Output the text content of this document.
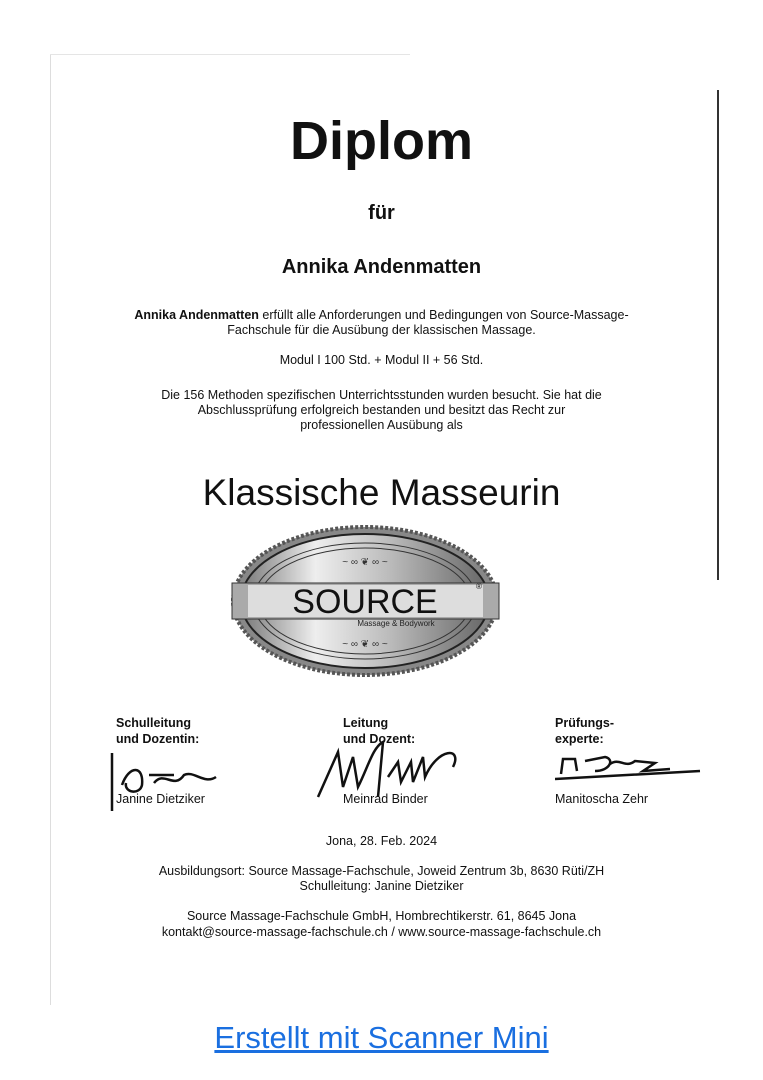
Diplom
für
Annika Andenmatten
Annika Andenmatten erfüllt alle Anforderungen und Bedingungen von Source-Massage-
Fachschule für die Ausübung der klassischen Massage.
Modul I 100 Std. + Modul II + 56 Std.
Die 156 Methoden spezifischen Unterrichtsstunden wurden besucht. Sie hat die
Abschlussprüfung erfolgreich bestanden und besitzt das Recht zur
professionellen Ausübung als
Klassische Masseurin
~ ∞ ❦ ∞ ~
~ ∞ ❦ ∞ ~
SOURCE	®
Massage & Bodywork
Schulleitung
und Dozentin:
Janine Dietziker
Leitung
und Dozent:
Meinrad Binder
Prüfungs-
experte:
Manitoscha Zehr
Jona, 28. Feb. 2024
Ausbildungsort: Source Massage-Fachschule, Joweid Zentrum 3b, 8630 Rüti/ZH
Schulleitung: Janine Dietziker
Source Massage-Fachschule GmbH, Hombrechtikerstr. 61, 8645 Jona
kontakt@source-massage-fachschule.ch / www.source-massage-fachschule.ch
Erstellt mit Scanner Mini
